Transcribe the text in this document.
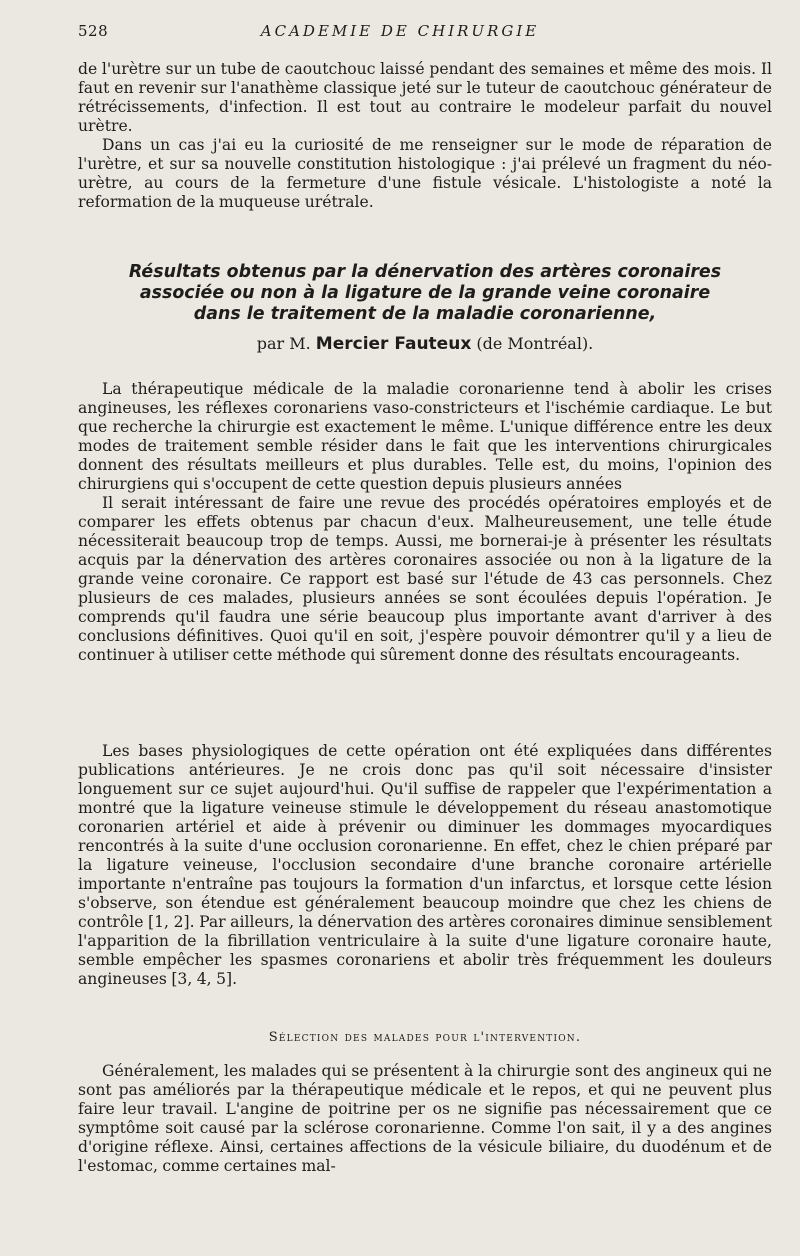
528	ACADEMIE DE CHIRURGIE

de l'urètre sur un tube de caoutchouc laissé pendant des semaines et même des mois. Il faut en revenir sur l'anathème classique jeté sur le tuteur de caoutchouc générateur de rétrécissements, d'infection. Il est tout au contraire le modeleur parfait du nouvel urètre.

Dans un cas j'ai eu la curiosité de me renseigner sur le mode de réparation de l'urètre, et sur sa nouvelle constitution histologique : j'ai prélevé un fragment du néo-urètre, au cours de la fermeture d'une fistule vésicale. L'histologiste a noté la reformation de la muqueuse urétrale.

Résultats obtenus par la dénervation des artères coronaires
associée ou non à la ligature de la grande veine coronaire
dans le traitement de la maladie coronarienne,
par M. Mercier Fauteux (de Montréal).

La thérapeutique médicale de la maladie coronarienne tend à abolir les crises angineuses, les réflexes coronariens vaso-constricteurs et l'ischémie cardiaque. Le but que recherche la chirurgie est exactement le même. L'unique différence entre les deux modes de traitement semble résider dans le fait que les interventions chirurgicales donnent des résultats meilleurs et plus durables. Telle est, du moins, l'opinion des chirurgiens qui s'occupent de cette question depuis plusieurs années

Il serait intéressant de faire une revue des procédés opératoires employés et de comparer les effets obtenus par chacun d'eux. Malheureusement, une telle étude nécessiterait beaucoup trop de temps. Aussi, me bornerai-je à présenter les résultats acquis par la dénervation des artères coronaires associée ou non à la ligature de la grande veine coronaire. Ce rapport est basé sur l'étude de 43 cas personnels. Chez plusieurs de ces malades, plusieurs années se sont écoulées depuis l'opération. Je comprends qu'il faudra une série beaucoup plus importante avant d'arriver à des conclusions définitives. Quoi qu'il en soit, j'espère pouvoir démontrer qu'il y a lieu de continuer à utiliser cette méthode qui sûrement donne des résultats encourageants.

Les bases physiologiques de cette opération ont été expliquées dans différentes publications antérieures. Je ne crois donc pas qu'il soit nécessaire d'insister longuement sur ce sujet aujourd'hui. Qu'il suffise de rappeler que l'expérimentation a montré que la ligature veineuse stimule le développement du réseau anastomotique coronarien artériel et aide à prévenir ou diminuer les dommages myocardiques rencontrés à la suite d'une occlusion coronarienne. En effet, chez le chien préparé par la ligature veineuse, l'occlusion secondaire d'une branche coronaire artérielle importante n'entraîne pas toujours la formation d'un infarctus, et lorsque cette lésion s'observe, son étendue est généralement beaucoup moindre que chez les chiens de contrôle [1, 2]. Par ailleurs, la dénervation des artères coronaires diminue sensiblement l'apparition de la fibrillation ventriculaire à la suite d'une ligature coronaire haute, semble empêcher les spasmes coronariens et abolir très fréquemment les douleurs angineuses [3, 4, 5].

Sélection des malades pour l'intervention.

Généralement, les malades qui se présentent à la chirurgie sont des angineux qui ne sont pas améliorés par la thérapeutique médicale et le repos, et qui ne peuvent plus faire leur travail. L'angine de poitrine per os ne signifie pas nécessairement que ce symptôme soit causé par la sclérose coronarienne. Comme l'on sait, il y a des angines d'origine réflexe. Ainsi, certaines affections de la vésicule biliaire, du duodénum et de l'estomac, comme certaines mal-
